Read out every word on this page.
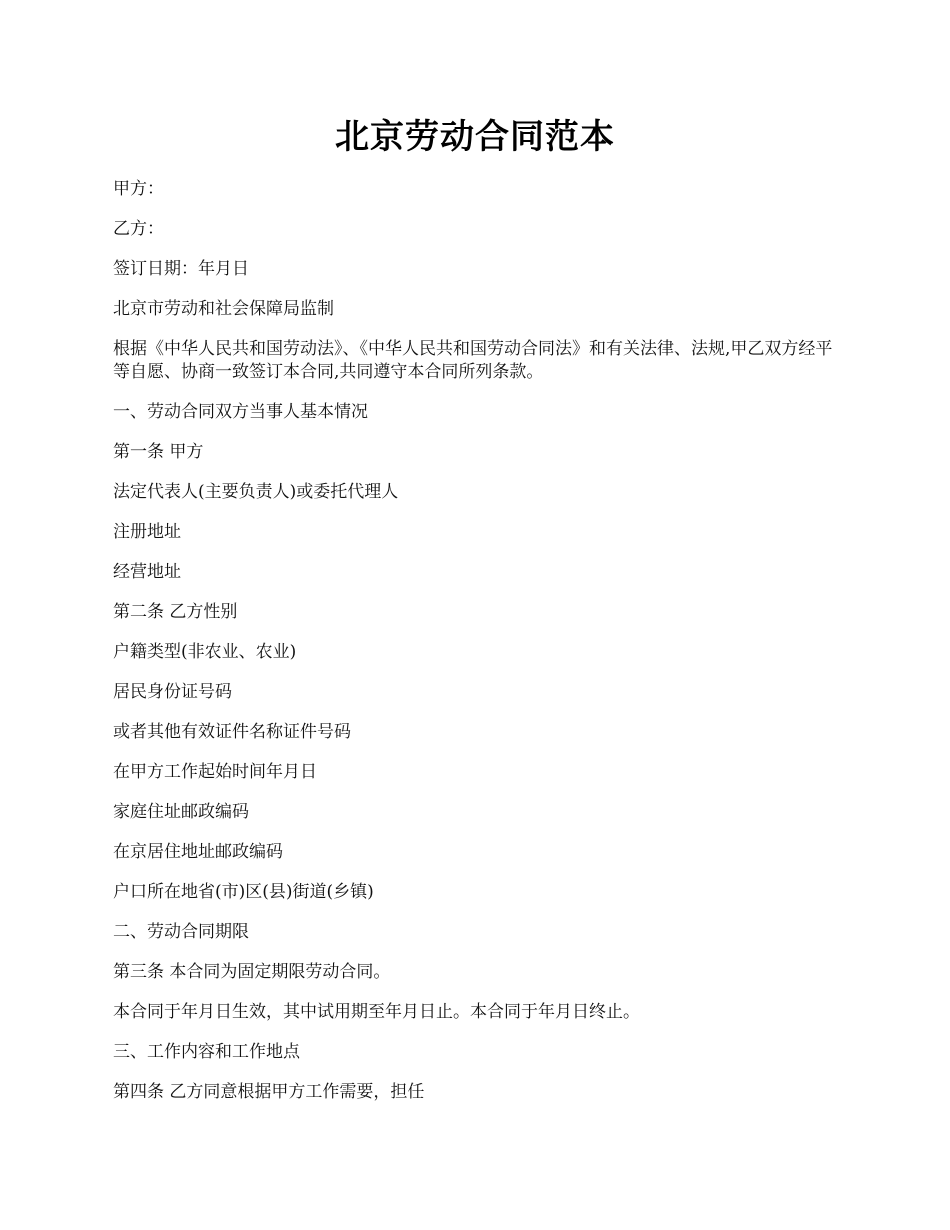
北京劳动合同范本

甲方：

乙方：

签订日期：年月日

北京市劳动和社会保障局监制

根据《中华人民共和国劳动法》、《中华人民共和国劳动合同法》和有关法律、法规,甲乙双方经平等自愿、协商一致签订本合同,共同遵守本合同所列条款。

一、劳动合同双方当事人基本情况

第一条 甲方

法定代表人(主要负责人)或委托代理人

注册地址

经营地址

第二条 乙方性别

户籍类型(非农业、农业)

居民身份证号码

或者其他有效证件名称证件号码

在甲方工作起始时间年月日

家庭住址邮政编码

在京居住地址邮政编码

户口所在地省(市)区(县)街道(乡镇)

二、劳动合同期限

第三条 本合同为固定期限劳动合同。

本合同于年月日生效，其中试用期至年月日止。本合同于年月日终止。

三、工作内容和工作地点

第四条 乙方同意根据甲方工作需要，担任
